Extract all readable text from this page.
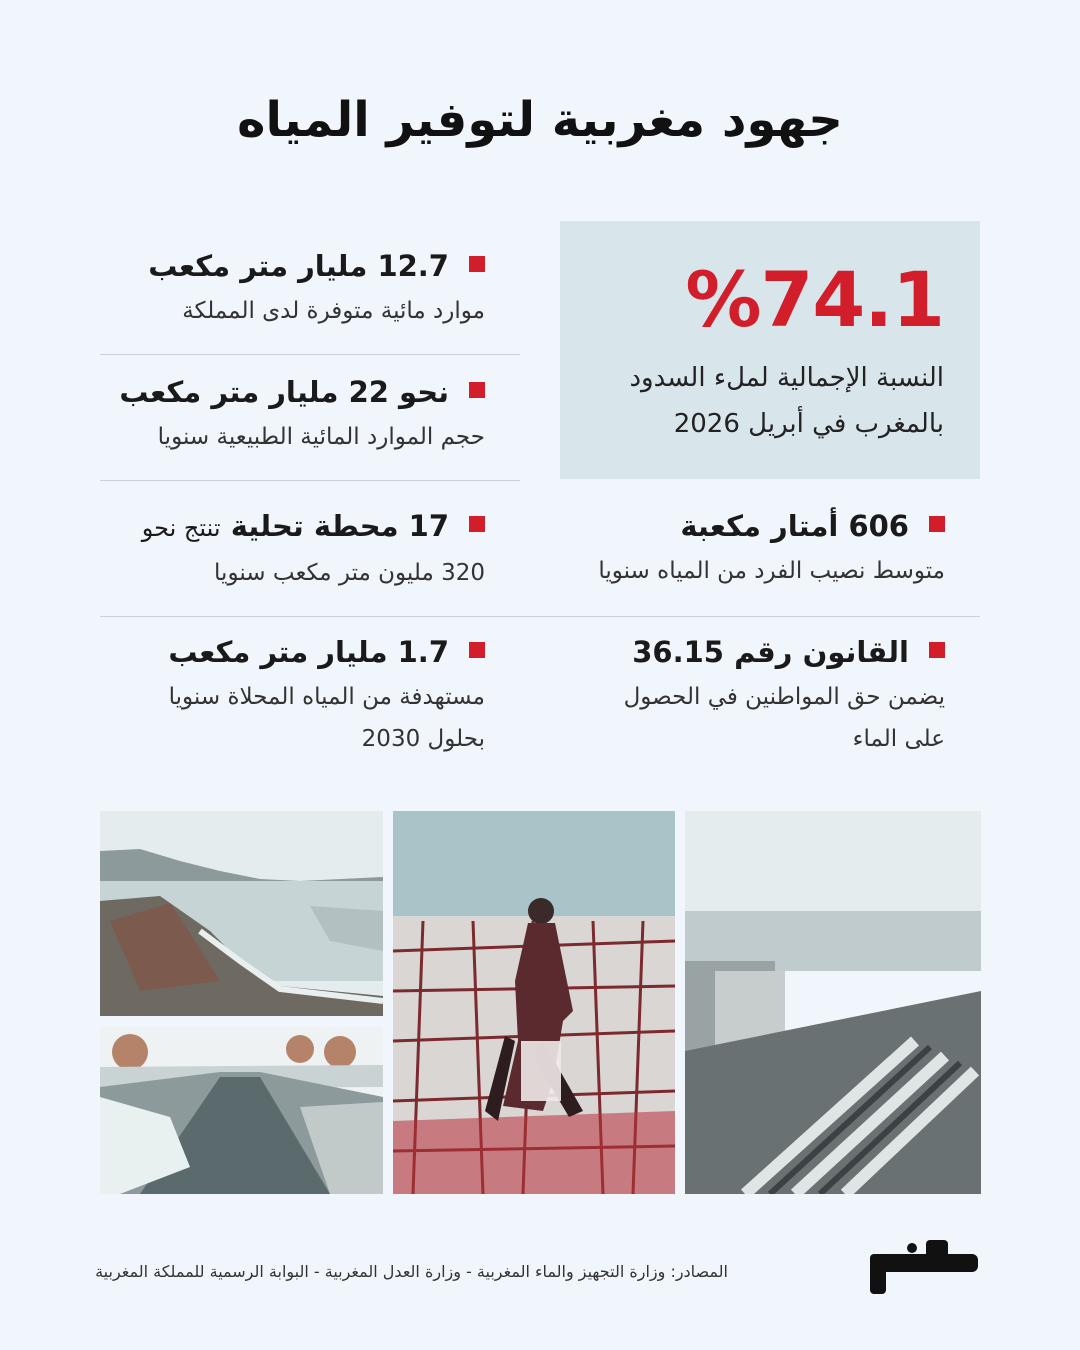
جهود مغربية لتوفير المياه
%74.1
النسبة الإجمالية لملء السدود
بالمغرب في أبريل 2026
12.7 مليار متر مكعب
موارد مائية متوفرة لدى المملكة
نحو 22 مليار متر مكعب
حجم الموارد المائية الطبيعية سنويا
17 محطة تحلية تنتج نحو
320 مليون متر مكعب سنويا
606 أمتار مكعبة
متوسط نصيب الفرد من المياه سنويا
1.7 مليار متر مكعب
مستهدفة من المياه المحلاة سنويا
بحلول 2030
القانون رقم 36.15
يضمن حق المواطنين في الحصول
على الماء
المصادر: وزارة التجهيز والماء المغربية - وزارة العدل المغربية - البوابة الرسمية للمملكة المغربية
